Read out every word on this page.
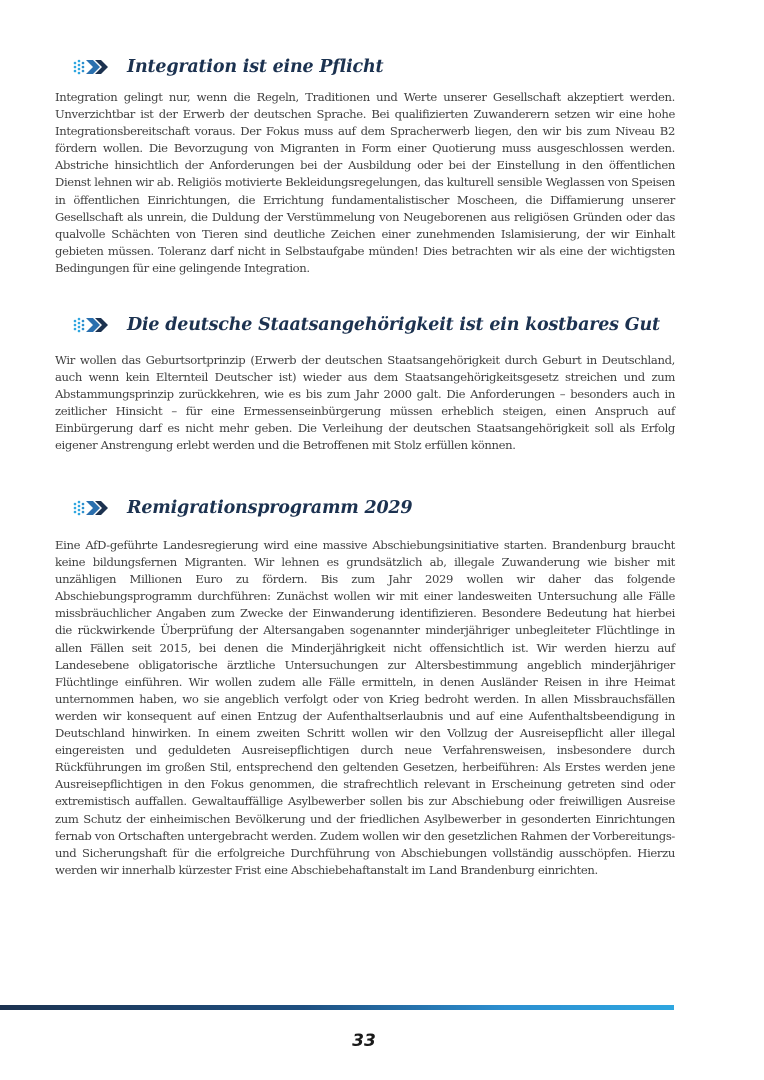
Integration ist eine Pflicht

Integration gelingt nur, wenn die Regeln, Traditionen und Werte unserer Gesellschaft akzeptiert werden. Unverzichtbar ist der Erwerb der deutschen Sprache. Bei qualifizierten Zuwanderern setzen wir eine hohe Integrationsbereitschaft voraus. Der Fokus muss auf dem Spracherwerb liegen, den wir bis zum Niveau B2 fördern wollen. Die Bevorzugung von Migranten in Form einer Quotierung muss ausgeschlossen werden. Abstriche hinsichtlich der Anforderungen bei der Ausbildung oder bei der Einstellung in den öffentlichen Dienst lehnen wir ab. Religiös motivierte Bekleidungsregelungen, das kulturell sensible Weglassen von Speisen in öffentlichen Einrichtungen, die Errichtung fundamentalistischer Moscheen, die Diffamierung unserer Gesellschaft als unrein, die Duldung der Verstümmelung von Neugeborenen aus religiösen Gründen oder das qualvolle Schächten von Tieren sind deutliche Zeichen einer zunehmenden Islamisierung, der wir Einhalt gebieten müssen. Toleranz darf nicht in Selbstaufgabe münden! Dies betrachten wir als eine der wichtigsten Bedingungen für eine gelingende Integration.

Die deutsche Staatsangehörigkeit ist ein kostbares Gut

Wir wollen das Geburtsortprinzip (Erwerb der deutschen Staatsangehörigkeit durch Geburt in Deutschland, auch wenn kein Elternteil Deutscher ist) wieder aus dem Staatsangehörigkeitsgesetz streichen und zum Abstammungsprinzip zurückkehren, wie es bis zum Jahr 2000 galt. Die Anforderungen – besonders auch in zeitlicher Hinsicht – für eine Ermessenseinbürgerung müssen erheblich steigen, einen Anspruch auf Einbürgerung darf es nicht mehr geben. Die Verleihung der deutschen Staatsangehörigkeit soll als Erfolg eigener Anstrengung erlebt werden und die Betroffenen mit Stolz erfüllen können.

Remigrationsprogramm 2029

Eine AfD-geführte Landesregierung wird eine massive Abschiebungsinitiative starten. Brandenburg braucht keine bildungsfernen Migranten. Wir lehnen es grundsätzlich ab, illegale Zuwanderung wie bisher mit unzähligen Millionen Euro zu fördern. Bis zum Jahr 2029 wollen wir daher das folgende Abschiebungsprogramm durchführen: Zunächst wollen wir mit einer landesweiten Untersuchung alle Fälle missbräuchlicher Angaben zum Zwecke der Einwanderung identifizieren. Besondere Bedeutung hat hierbei die rückwirkende Überprüfung der Altersangaben sogenannter minderjähriger unbegleiteter Flüchtlinge in allen Fällen seit 2015, bei denen die Minderjährigkeit nicht offensichtlich ist. Wir werden hierzu auf Landesebene obligatorische ärztliche Untersuchungen zur Altersbestimmung angeblich minderjähriger Flüchtlinge einführen. Wir wollen zudem alle Fälle ermitteln, in denen Ausländer Reisen in ihre Heimat unternommen haben, wo sie angeblich verfolgt oder von Krieg bedroht werden. In allen Missbrauchsfällen werden wir konsequent auf einen Entzug der Aufenthaltserlaubnis und auf eine Aufenthaltsbeendigung in Deutschland hinwirken. In einem zweiten Schritt wollen wir den Vollzug der Ausreisepflicht aller illegal eingereisten und geduldeten Ausreisepflichtigen durch neue Verfahrensweisen, insbesondere durch Rückführungen im großen Stil, entsprechend den geltenden Gesetzen, herbeiführen: Als Erstes werden jene Ausreisepflichtigen in den Fokus genommen, die strafrechtlich relevant in Erscheinung getreten sind oder extremistisch auffallen. Gewaltauffällige Asylbewerber sollen bis zur Abschiebung oder freiwilligen Ausreise zum Schutz der einheimischen Bevölkerung und der friedlichen Asylbewerber in gesonderten Einrichtungen fernab von Ortschaften untergebracht werden. Zudem wollen wir den gesetzlichen Rahmen der Vorbereitungs- und Sicherungshaft für die erfolgreiche Durchführung von Abschiebungen vollständig ausschöpfen. Hierzu werden wir innerhalb kürzester Frist eine Abschiebehaftanstalt im Land Brandenburg einrichten.

33
